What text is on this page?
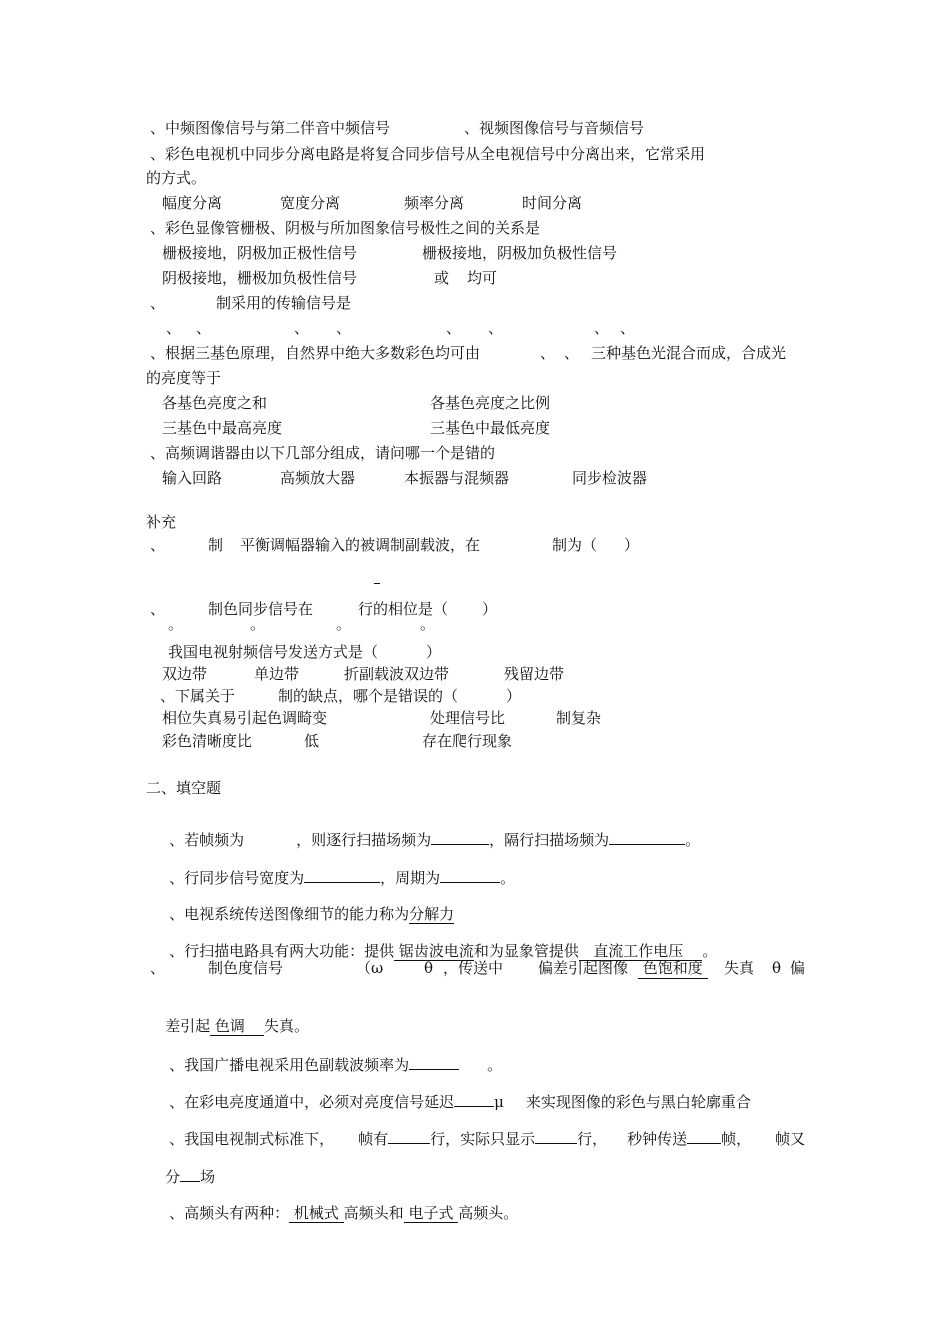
、中频图像信号与第二伴音中频信号	、视频图像信号与音频信号
、彩色电视机中同步分离电路是将复合同步信号从全电视信号中分离出来，它常采用
的方式。
幅度分离	宽度分离	频率分离	时间分离
、彩色显像管栅极、阴极与所加图象信号极性之间的关系是
栅极接地，阴极加正极性信号	栅极接地，阴极加负极性信号
阴极接地，栅极加负极性信号	或 均可
、	制采用的传输信号是
、 、	、 、	、 、	、 、
、根据三基色原理，自然界中绝大多数彩色均可由	、 、 三种基色光混合而成，合成光
的亮度等于
各基色亮度之和	各基色亮度之比例
三基色中最高亮度	三基色中最低亮度
、高频调谐器由以下几部分组成，请问哪一个是错的
输入回路	高频放大器	本振器与混频器	同步检波器
补充
、	制 平衡调幅器输入的被调制副载波，在	制为（ ）
、	制色同步信号在	行的相位是（ ）
。	。	。	。
我国电视射频信号发送方式是（	）
双边带	单边带	折副载波双边带	残留边带
、下属关于	制的缺点，哪个是错误的（	）
相位失真易引起色调畸变	处理信号比	制复杂
彩色清晰度比	低	存在爬行现象
二、填空题

、若帧频为	，则逐行扫描场频为	，隔行扫描场频为	。

、行同步信号宽度为	，周期为	。

、电视系统传送图像细节的能力称为分解力

、行扫描电路具有两大功能：提供 锯齿波电流和为显象管提供 直流工作电压 。

、	制色度信号	（ω	θ ，传送中 偏差引起图像 色饱和度	失真 θ 偏

差引起 色调 失真。

、我国广播电视采用色副载波频率为	。

、在彩电亮度通道中，必须对亮度信号延迟	μ 来实现图像的彩色与黑白轮廓重合

、我国电视制式标准下， 帧有	行，实际只显示	行， 秒钟传送 帧， 帧又

分 场

、高频头有两种： 机械式 高频头和 电子式 高频头。
